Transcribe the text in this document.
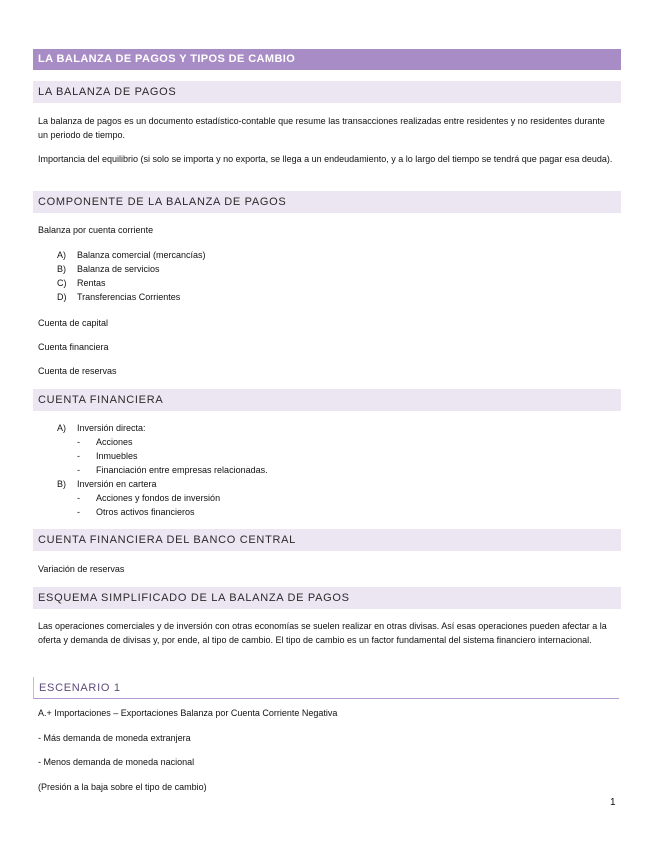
LA BALANZA DE PAGOS Y TIPOS DE CAMBIO
LA BALANZA DE PAGOS
La balanza de pagos es un documento estadístico-contable que resume las transacciones realizadas entre residentes y no residentes durante un periodo de tiempo.
Importancia del equilibrio (si solo se importa y no exporta, se llega a un endeudamiento, y a lo largo del tiempo se tendrá que pagar esa deuda).
COMPONENTE DE LA BALANZA DE PAGOS
Balanza por cuenta corriente
A) Balanza comercial (mercancías)
B) Balanza de servicios
C) Rentas
D) Transferencias Corrientes
Cuenta de capital
Cuenta financiera
Cuenta de reservas
CUENTA FINANCIERA
A) Inversión directa:
- Acciones
- Inmuebles
- Financiación entre empresas relacionadas.
B) Inversión en cartera
- Acciones y fondos de inversión
- Otros activos financieros
CUENTA FINANCIERA DEL BANCO CENTRAL
Variación de reservas
ESQUEMA SIMPLIFICADO DE LA BALANZA DE PAGOS
Las operaciones comerciales y de inversión con otras economías se suelen realizar en otras divisas. Así esas operaciones pueden afectar a la oferta y demanda de divisas y, por ende, al tipo de cambio. El tipo de cambio es un factor fundamental del sistema financiero internacional.
ESCENARIO 1
A.+ Importaciones – Exportaciones Balanza por Cuenta Corriente Negativa
- Más demanda de moneda extranjera
- Menos demanda de moneda nacional
(Presión a la baja sobre el tipo de cambio)
1
